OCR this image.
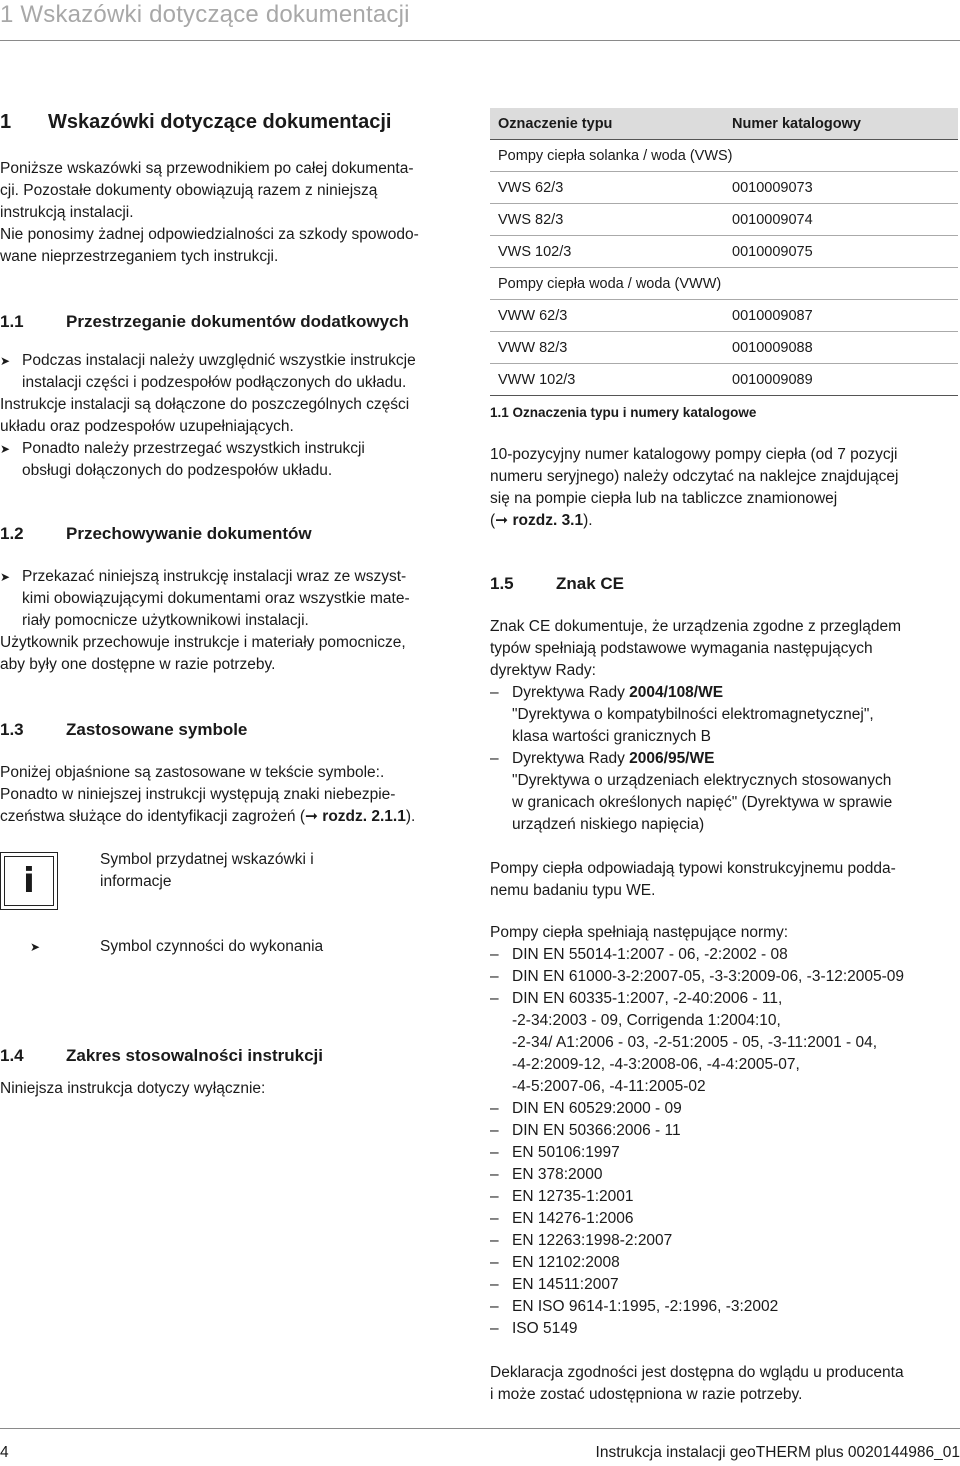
1 Wskazówki dotyczące dokumentacji
1	Wskazówki dotyczące dokumentacji
Poniższe wskazówki są przewodnikiem po całej dokumenta-
cji. Pozostałe dokumenty obowiązują razem z niniejszą
instrukcją instalacji.
Nie ponosimy żadnej odpowiedzialności za szkody spowodo-
wane nieprzestrzeganiem tych instrukcji.
1.1	Przestrzeganie dokumentów dodatkowych
➤ Podczas instalacji należy uwzględnić wszystkie instrukcje
instalacji części i podzespołów podłączonych do układu.
Instrukcje instalacji są dołączone do poszczególnych części
układu oraz podzespołów uzupełniających.
➤ Ponadto należy przestrzegać wszystkich instrukcji
obsługi dołączonych do podzespołów układu.
1.2	Przechowywanie dokumentów
➤ Przekazać niniejszą instrukcję instalacji wraz ze wszyst-
kimi obowiązującymi dokumentami oraz wszystkie mate-
riały pomocnicze użytkownikowi instalacji.
Użytkownik przechowuje instrukcje i materiały pomocnicze,
aby były one dostępne w razie potrzeby.
1.3	Zastosowane symbole
Poniżej objaśnione są zastosowane w tekście symbole:.
Ponadto w niniejszej instrukcji występują znaki niebezpie-
czeństwa służące do identyfikacji zagrożeń (➞ rozdz. 2.1.1).
i
Symbol przydatnej wskazówki i
informacje
➤	Symbol czynności do wykonania
1.4	Zakres stosowalności instrukcji
Niniejsza instrukcja dotyczy wyłącznie:
Oznaczenie typu	Numer katalogowy
Pompy ciepła solanka / woda (VWS)	
VWS 62/3	0010009073
VWS 82/3	0010009074
VWS 102/3	0010009075
Pompy ciepła woda / woda (VWW)	
VWW 62/3	0010009087
VWW 82/3	0010009088
VWW 102/3	0010009089
1.1 Oznaczenia typu i numery katalogowe
10-pozycyjny numer katalogowy pompy ciepła (od 7 pozycji
numeru seryjnego) należy odczytać na naklejce znajdującej
się na pompie ciepła lub na tabliczce znamionowej
(➞ rozdz. 3.1).
1.5	Znak CE
Znak CE dokumentuje, że urządzenia zgodne z przeglądem
typów spełniają podstawowe wymagania następujących
dyrektyw Rady:
– Dyrektywa Rady 2004/108/WE
"Dyrektywa o kompatybilności elektromagnetycznej",
klasa wartości granicznych B
– Dyrektywa Rady 2006/95/WE
"Dyrektywa o urządzeniach elektrycznych stosowanych
w granicach określonych napięć" (Dyrektywa w sprawie
urządzeń niskiego napięcia)
Pompy ciepła odpowiadają typowi konstrukcyjnemu podda-
nemu badaniu typu WE.
Pompy ciepła spełniają następujące normy:
– DIN EN 55014-1:2007 - 06, -2:2002 - 08
– DIN EN 61000-3-2:2007-05, -3-3:2009-06, -3-12:2005-09
– DIN EN 60335-1:2007, -2-40:2006 - 11,
-2-34:2003 - 09, Corrigenda 1:2004:10,
-2-34/ A1:2006 - 03, -2-51:2005 - 05, -3-11:2001 - 04,
-4-2:2009-12, -4-3:2008-06, -4-4:2005-07,
-4-5:2007-06, -4-11:2005-02
– DIN EN 60529:2000 - 09
– DIN EN 50366:2006 - 11
– EN 50106:1997
– EN 378:2000
– EN 12735-1:2001
– EN 14276-1:2006
– EN 12263:1998-2:2007
– EN 12102:2008
– EN 14511:2007
– EN ISO 9614-1:1995, -2:1996, -3:2002
– ISO 5149
Deklaracja zgodności jest dostępna do wglądu u producenta
i może zostać udostępniona w razie potrzeby.
4	Instrukcja instalacji geoTHERM plus 0020144986_01
